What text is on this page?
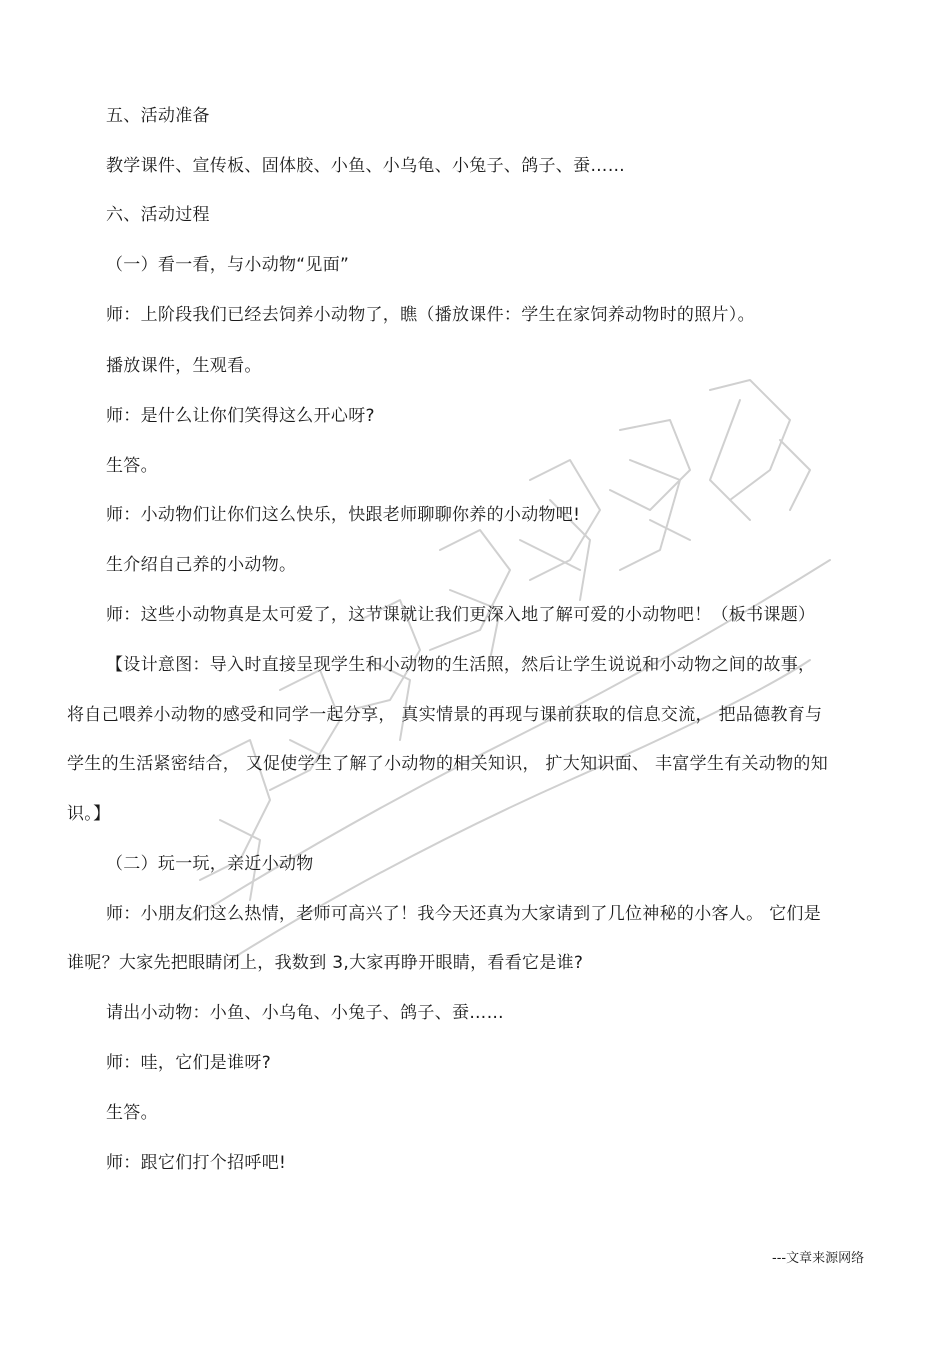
五、活动准备
教学课件、宣传板、固体胶、小鱼、小乌龟、小兔子、鸽子、蚕……
六、活动过程
（一）看一看，与小动物“见面”
师：上阶段我们已经去饲养小动物了，瞧（播放课件：学生在家饲养动物时的照片）。
播放课件，生观看。
师：是什么让你们笑得这么开心呀?
生答。
师：小动物们让你们这么快乐，快跟老师聊聊你养的小动物吧!
生介绍自己养的小动物。
师：这些小动物真是太可爱了，这节课就让我们更深入地了解可爱的小动物吧！（板书课题）
【设计意图：导入时直接呈现学生和小动物的生活照，然后让学生说说和小动物之间的故事，
将自己喂养小动物的感受和同学一起分享， 真实情景的再现与课前获取的信息交流， 把品德教育与
学生的生活紧密结合， 又促使学生了解了小动物的相关知识， 扩大知识面、 丰富学生有关动物的知
识。】
（二）玩一玩，亲近小动物
师：小朋友们这么热情，老师可高兴了！我今天还真为大家请到了几位神秘的小客人。 它们是
谁呢？大家先把眼睛闭上，我数到 3,大家再睁开眼睛，看看它是谁?
请出小动物：小鱼、小乌龟、小兔子、鸽子、蚕……
师：哇，它们是谁呀?
生答。
师：跟它们打个招呼吧!
---文章来源网络
